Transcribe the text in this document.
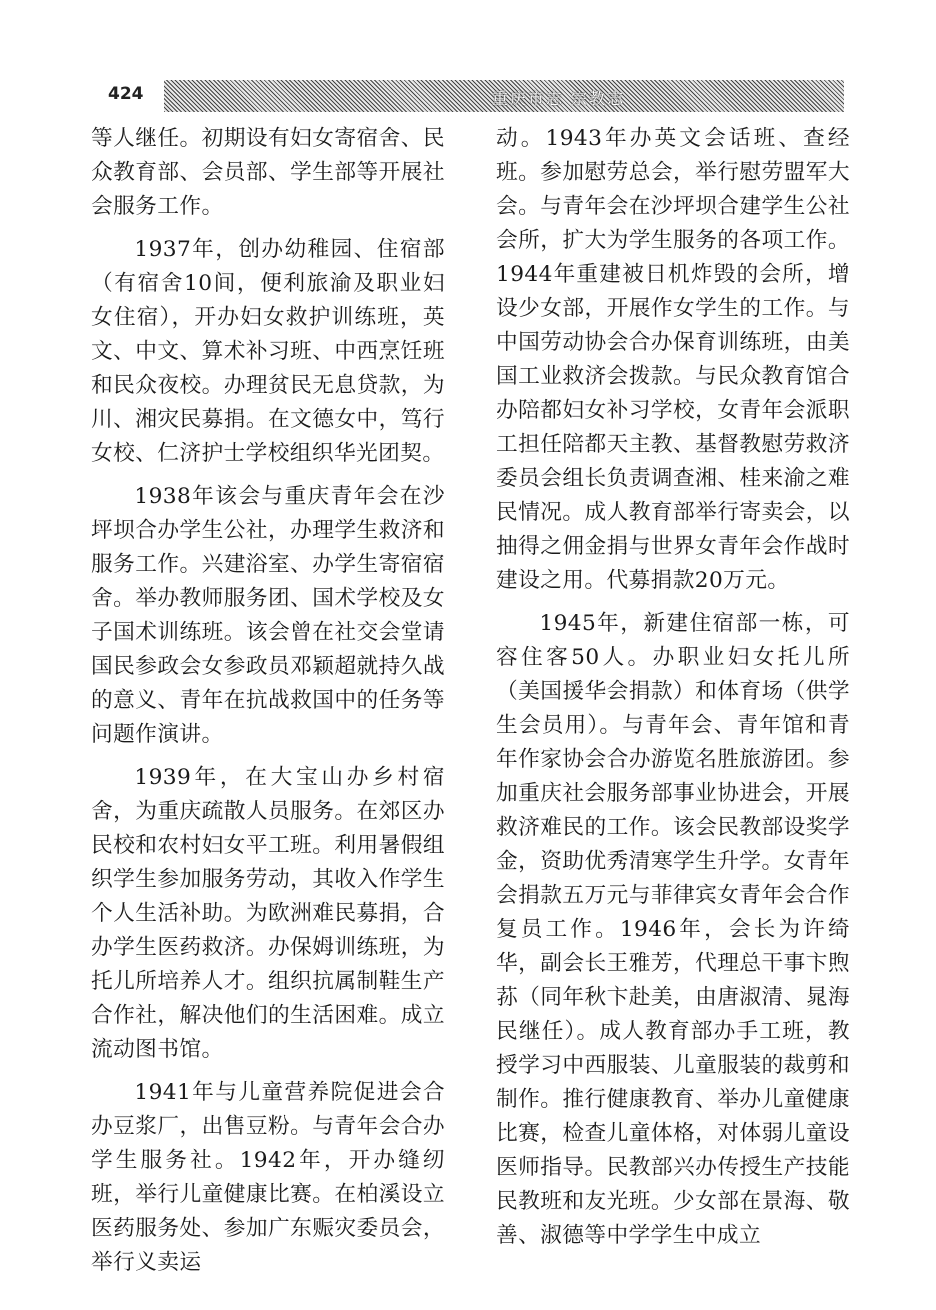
424	重庆市志 宗教志

等人继任。初期设有妇女寄宿舍、民众教育部、会员部、学生部等开展社会服务工作。

1937年，创办幼稚园、住宿部（有宿舍10间，便利旅渝及职业妇女住宿），开办妇女救护训练班，英文、中文、算术补习班、中西烹饪班和民众夜校。办理贫民无息贷款，为川、湘灾民募捐。在文德女中，笃行女校、仁济护士学校组织华光团契。

1938年该会与重庆青年会在沙坪坝合办学生公社，办理学生救济和服务工作。兴建浴室、办学生寄宿宿舍。举办教师服务团、国术学校及女子国术训练班。该会曾在社交会堂请国民参政会女参政员邓颖超就持久战的意义、青年在抗战救国中的任务等问题作演讲。

1939年，在大宝山办乡村宿舍，为重庆疏散人员服务。在郊区办民校和农村妇女平工班。利用暑假组织学生参加服务劳动，其收入作学生个人生活补助。为欧洲难民募捐，合办学生医药救济。办保姆训练班，为托儿所培养人才。组织抗属制鞋生产合作社，解决他们的生活困难。成立流动图书馆。

1941年与儿童营养院促进会合办豆浆厂，出售豆粉。与青年会合办学生服务社。1942年，开办缝纫班，举行儿童健康比赛。在柏溪设立医药服务处、参加广东赈灾委员会，举行义卖运

动。1943年办英文会话班、查经班。参加慰劳总会，举行慰劳盟军大会。与青年会在沙坪坝合建学生公社会所，扩大为学生服务的各项工作。1944年重建被日机炸毁的会所，增设少女部，开展作女学生的工作。与中国劳动协会合办保育训练班，由美国工业救济会拨款。与民众教育馆合办陪都妇女补习学校，女青年会派职工担任陪都天主教、基督教慰劳救济委员会组长负责调查湘、桂来渝之难民情况。成人教育部举行寄卖会，以抽得之佣金捐与世界女青年会作战时建设之用。代募捐款20万元。

1945年，新建住宿部一栋，可容住客50人。办职业妇女托儿所（美国援华会捐款）和体育场（供学生会员用）。与青年会、青年馆和青年作家协会合办游览名胜旅游团。参加重庆社会服务部事业协进会，开展救济难民的工作。该会民教部设奖学金，资助优秀清寒学生升学。女青年会捐款五万元与菲律宾女青年会合作复员工作。1946年，会长为许绮华，副会长王雅芳，代理总干事卞煦荪（同年秋卞赴美，由唐淑清、晁海民继任）。成人教育部办手工班，教授学习中西服装、儿童服装的裁剪和制作。推行健康教育、举办儿童健康比赛，检查儿童体格，对体弱儿童设医师指导。民教部兴办传授生产技能民教班和友光班。少女部在景海、敬善、淑德等中学学生中成立
